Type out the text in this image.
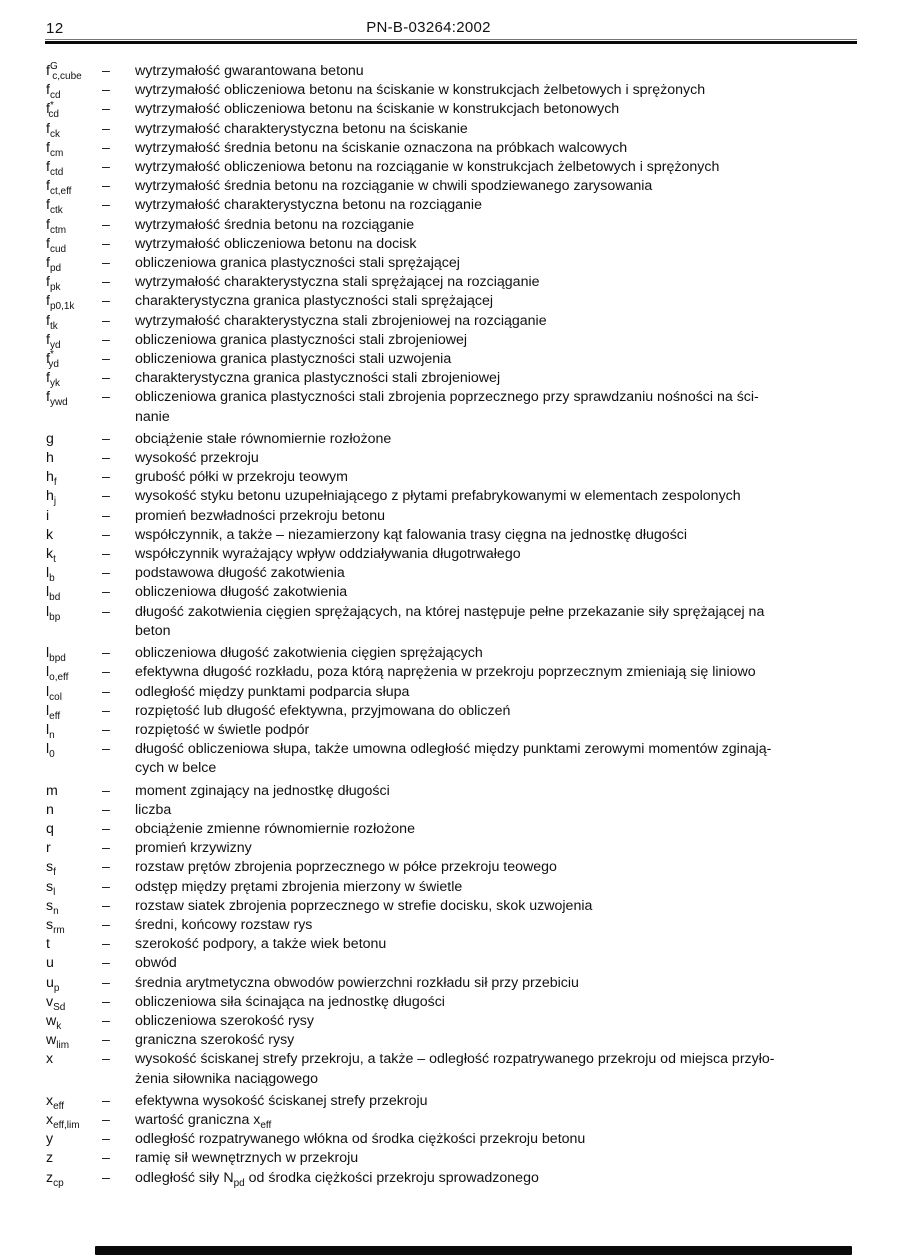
12	PN-B-03264:2002
$f^G_{c,cube}$	–	wytrzymałość gwarantowana betonu
$f_{cd}$	–	wytrzymałość obliczeniowa betonu na ściskanie w konstrukcjach żelbetowych i sprężonych
$f^*_{cd}$	–	wytrzymałość obliczeniowa betonu na ściskanie w konstrukcjach betonowych
$f_{ck}$	–	wytrzymałość charakterystyczna betonu na ściskanie
$f_{cm}$	–	wytrzymałość średnia betonu na ściskanie oznaczona na próbkach walcowych
$f_{ctd}$	–	wytrzymałość obliczeniowa betonu na rozciąganie w konstrukcjach żelbetowych i sprężonych
$f_{ct,eff}$	–	wytrzymałość średnia betonu na rozciąganie w chwili spodziewanego zarysowania
$f_{ctk}$	–	wytrzymałość charakterystyczna betonu na rozciąganie
$f_{ctm}$	–	wytrzymałość średnia betonu na rozciąganie
$f_{cud}$	–	wytrzymałość obliczeniowa betonu na docisk
$f_{pd}$	–	obliczeniowa granica plastyczności stali sprężającej
$f_{pk}$	–	wytrzymałość charakterystyczna stali sprężającej na rozciąganie
$f_{p0,1k}$	–	charakterystyczna granica plastyczności stali sprężającej
$f_{tk}$	–	wytrzymałość charakterystyczna stali zbrojeniowej na rozciąganie
$f_{yd}$	–	obliczeniowa granica plastyczności stali zbrojeniowej
$f^*_{yd}$	–	obliczeniowa granica plastyczności stali uzwojenia
$f_{yk}$	–	charakterystyczna granica plastyczności stali zbrojeniowej
$f_{ywd}$	–	obliczeniowa granica plastyczności stali zbrojenia poprzecznego przy sprawdzaniu nośności na ści-
nanie
g	–	obciążenie stałe równomiernie rozłożone
h	–	wysokość przekroju
$h_f$	–	grubość półki w przekroju teowym
$h_j$	–	wysokość styku betonu uzupełniającego z płytami prefabrykowanymi w elementach zespolonych
i	–	promień bezwładności przekroju betonu
k	–	współczynnik, a także – niezamierzony kąt falowania trasy cięgna na jednostkę długości
$k_t$	–	współczynnik wyrażający wpływ oddziaływania długotrwałego
$l_b$	–	podstawowa długość zakotwienia
$l_{bd}$	–	obliczeniowa długość zakotwienia
$l_{bp}$	–	długość zakotwienia cięgien sprężających, na której następuje pełne przekazanie siły sprężającej na
beton
$l_{bpd}$	–	obliczeniowa długość zakotwienia cięgien sprężających
$l_{o,eff}$	–	efektywna długość rozkładu, poza którą naprężenia w przekroju poprzecznym zmieniają się liniowo
$l_{col}$	–	odległość między punktami podparcia słupa
$l_{eff}$	–	rozpiętość lub długość efektywna, przyjmowana do obliczeń
$l_n$	–	rozpiętość w świetle podpór
$l_0$	–	długość obliczeniowa słupa, także umowna odległość między punktami zerowymi momentów zginają-
cych w belce
m	–	moment zginający na jednostkę długości
n	–	liczba
q	–	obciążenie zmienne równomiernie rozłożone
r	–	promień krzywizny
$s_f$	–	rozstaw prętów zbrojenia poprzecznego w półce przekroju teowego
$s_l$	–	odstęp między prętami zbrojenia mierzony w świetle
$s_n$	–	rozstaw siatek zbrojenia poprzecznego w strefie docisku, skok uzwojenia
$s_{rm}$	–	średni, końcowy rozstaw rys
t	–	szerokość podpory, a także wiek betonu
u	–	obwód
$u_p$	–	średnia arytmetyczna obwodów powierzchni rozkładu sił przy przebiciu
$v_{Sd}$	–	obliczeniowa siła ścinająca na jednostkę długości
$w_k$	–	obliczeniowa szerokość rysy
$w_{lim}$	–	graniczna szerokość rysy
x	–	wysokość ściskanej strefy przekroju, a także – odległość rozpatrywanego przekroju od miejsca przyło-
żenia siłownika naciągowego
$x_{eff}$	–	efektywna wysokość ściskanej strefy przekroju
$x_{eff,lim}$	–	wartość graniczna $x_{eff}$
y	–	odległość rozpatrywanego włókna od środka ciężkości przekroju betonu
z	–	ramię sił wewnętrznych w przekroju
$z_{cp}$	–	odległość siły $N_{pd}$ od środka ciężkości przekroju sprowadzonego
